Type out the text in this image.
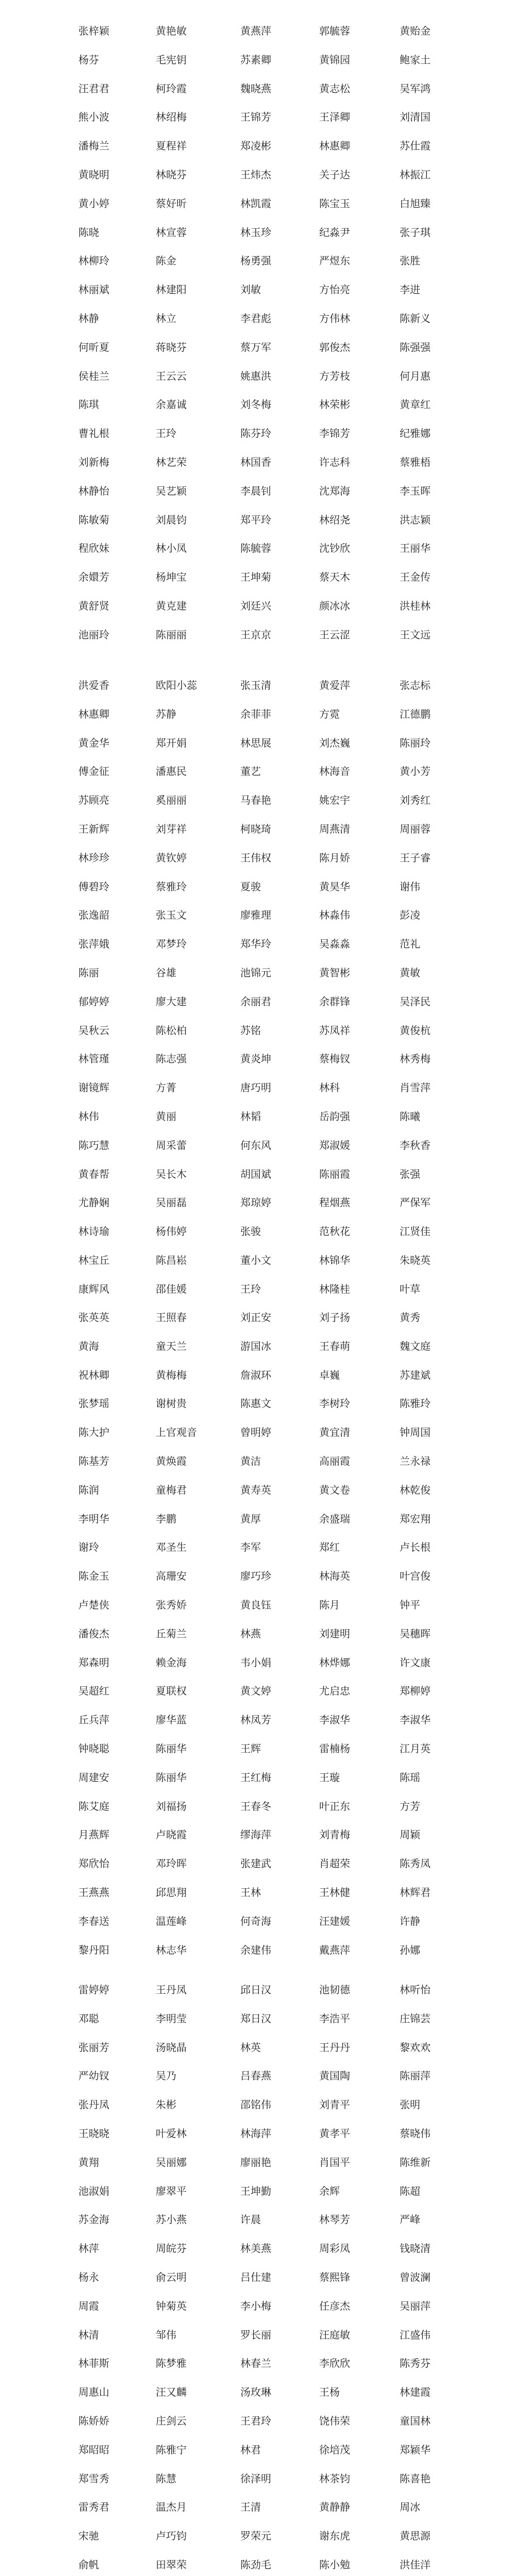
张梓颖	黄艳敏	黄燕萍	郭毓蓉	黄贻金
杨芬	毛宪钥	苏素卿	黄锦园	鲍家土
汪君君	柯玲霞	魏晓燕	黄志松	吴军鸿
熊小波	林绍梅	王锦芳	王泽卿	刘清国
潘梅兰	夏程祥	郑凌彬	林惠卿	苏仕霞
黄晓明	林晓芬	王炜杰	关子达	林振江
黄小婷	蔡好昕	林凯霞	陈宝玉	白旭臻
陈晓	林宣蓉	林玉珍	纪淼尹	张子琪
林柳玲	陈金	杨勇强	严煜东	张胜
林丽斌	林建阳	刘敏	方怡亮	李进
林静	林立	李君彪	方伟林	陈新义
何昕夏	蒋晓芬	蔡万军	郭俊杰	陈强强
侯桂兰	王云云	姚惠洪	方芳枝	何月惠
陈琪	余嘉诚	刘冬梅	林荣彬	黄章红
曹礼根	王玲	陈芬玲	李锦芳	纪雅娜
刘新梅	林艺荣	林国香	许志科	蔡雅梧
林静怡	吴艺颖	李晨钊	沈郑海	李玉晖
陈敏菊	刘晨钧	郑平玲	林绍尧	洪志颖
程欣妹	林小凤	陈毓蓉	沈钞欣	王丽华
余嬛芳	杨坤宝	王坤菊	蔡天木	王金传
黄舒贤	黄克建	刘廷兴	颜冰冰	洪桂林
池丽玲	陈丽丽	王京京	王云涩	王文远
洪爱香	欧阳小蕊	张玉清	黄爱萍	张志标
林惠卿	苏静	余菲菲	方霓	江德鹏
黄金华	郑开娟	林思展	刘杰巍	陈丽玲
傅金征	潘惠民	董艺	林海音	黄小芳
苏顾亮	奚丽丽	马春艳	姚宏宇	刘秀红
王新辉	刘芽祥	柯晓琦	周燕清	周丽蓉
林珍珍	黄钦婷	王伟权	陈月娇	王子睿
傅碧玲	蔡雅玲	夏骏	黄昊华	谢伟
张逸韶	张玉文	廖雅理	林淼伟	彭凌
张萍娥	邓梦玲	郑华玲	吴淼淼	范礼
陈丽	谷雄	池锦元	黄智彬	黄敏
郁婷婷	廖大建	余丽君	余群锋	吴泽民
吴秋云	陈松柏	苏铭	苏凤祥	黄俊杭
林管瑾	陈志强	黄炎坤	蔡梅钗	林秀梅
谢镜辉	方菁	唐巧明	林科	肖雪萍
林伟	黄丽	林韬	岳韵强	陈曦
陈巧慧	周采蕾	何东风	郑淑媛	李秋香
黄春帮	吴长木	胡国斌	陈丽霞	张强
尤静娴	吴丽磊	郑琼婷	程烟燕	严保军
林诗瑜	杨伟婷	张骏	范秋花	江贤佳
林宝丘	陈昌崧	董小文	林锦华	朱晓英
康辉风	邵佳媛	王玲	林隆桂	叶草
张英英	王照春	刘正安	刘子扬	黄秀
黄海	童天兰	游国冰	王春萌	魏文庭
祝林卿	黄梅梅	詹淑环	卓巍	苏建斌
张梦瑶	谢树贵	陈惠文	李树玲	陈雅玲
陈大护	上官观音	曾明婷	黄宜清	钟周国
陈基芳	黄焕霞	黄洁	高丽霞	兰永禄
陈润	童梅君	黄寿英	黄文卷	林乾俊
李明华	李鹏	黄厚	余盛瑞	郑宏翔
谢玲	邓圣生	李军	郑红	卢长根
陈金玉	高珊安	廖巧珍	林海英	叶宫俊
卢楚侠	张秀娇	黄良钰	陈月	钟平
潘俊杰	丘菊兰	林燕	刘建明	吴穗晖
郑森明	赖金海	韦小娟	林烨娜	许文康
吴超红	夏联权	黄文婷	尤启忠	郑柳婷
丘兵萍	廖华蓝	林凤芳	李淑华	李淑华
钟晓聪	陈丽华	王辉	雷楠杨	江月英
周建安	陈丽华	王红梅	王璇	陈瑶
陈艾庭	刘福扬	王春冬	叶正东	方芳
月燕辉	卢晓霞	缪海萍	刘青梅	周颖
郑欣怡	邓玲晖	张建武	肖超荣	陈秀凤
王燕燕	邱思翔	王林	王林健	林辉君
李春送	温莲峰	何奇海	汪建媛	许静
黎丹阳	林志华	余建伟	戴燕萍	孙娜
雷婷婷	王丹凤	邱日汉	池韧德	林听怡
邓聪	李明莹	郑日汉	李浩平	庄锦芸
张丽芳	汤晓晶	林英	王丹丹	黎欢欢
严幼钗	吴乃	吕春燕	黄国陶	陈丽萍
张丹凤	朱彬	邵铭伟	刘青平	张明
王晓晓	叶爱林	林海萍	黄孝平	蔡晓伟
黄翔	吴丽娜	廖丽艳	肖国平	陈维新
池淑娟	廖翠平	王坤勤	余辉	陈超
苏金海	苏小燕	许晨	林琴芳	严峰
林萍	周皖芬	林美燕	周彩凤	钱晓清
杨永	俞云明	吕仕建	蔡熙锋	曾波澜
周霞	钟菊英	李小梅	任彦杰	吴丽萍
林清	邹伟	罗长丽	汪庭敏	江盛伟
林菲斯	陈梦雅	林春兰	李欣欣	陈秀芬
周惠山	汪又麟	汤玫琳	王杨	林建霞
陈娇娇	庄剑云	王君玲	饶伟荣	童国林
郑昭昭	陈雅宁	林君	徐培茂	郑颖华
郑雪秀	陈慧	徐泽明	林茶钧	陈喜艳
雷秀君	温杰月	王清	黄静静	周冰
宋驰	卢巧钧	罗荣元	谢东虎	黄思源
俞帆	田翠荣	陈劲毛	陈小勉	洪佳洋
